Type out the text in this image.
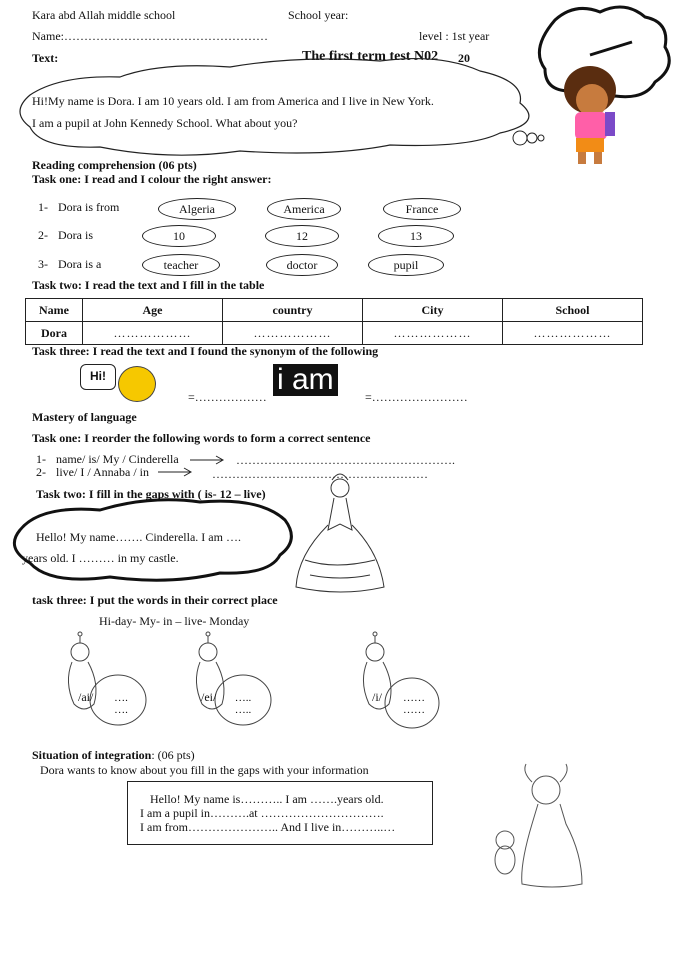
Kara abd Allah middle school	School year:
Name:……………………………………………	level : 1st year
Text:	The first term test N02 20
Hi!My name is Dora. I am 10 years old. I am from America and I live in New York.
I am a pupil at John Kennedy School. What about you?
Reading comprehension (06 pts)
Task one: I read and I colour the right answer:
1- Dora is from	Algeria	America	France
2- Dora is	10	12	13
3- Dora is a	teacher	doctor	pupil
Task two: I read the text and I fill in the table
Name	Age	country	City	School
Dora	………………	………………	………………	………………
Task three: I read the text and I found the synonym of the following
Hi!
=………………
i am
=……………………
Mastery of language
Task one: I reorder the following words to form a correct sentence
1- name/ is/ My / Cinderella	……………………………………………….
2- live/ I / Annaba / in	………………………………………………
Task two: I fill in the gaps with ( is- 12 – live)
Hello! My name……. Cinderella. I am ….
years old. I ……… in my castle.
task three: I put the words in their correct place
Hi-day- My- in – live- Monday
/ai/	…. ….
/ei/	….. …..
/i/	…… ……
Situation of integration: (06 pts)
Dora wants to know about you fill in the gaps with your information
Hello! My name is……….. I am …….years old.
I am a pupil in……….at ………………………….
I am from………………….. And I live in………..…
